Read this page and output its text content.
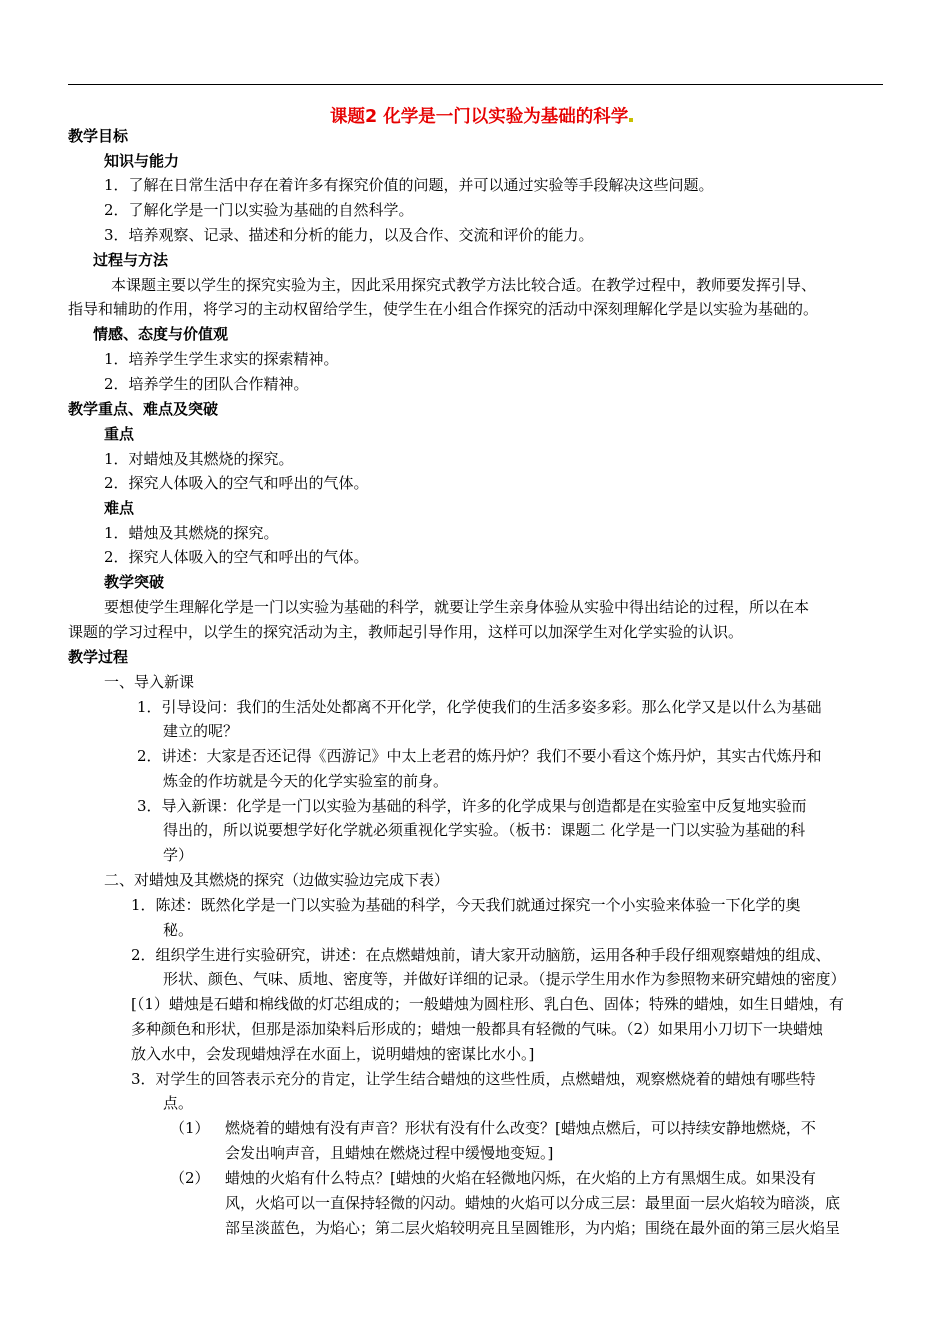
课题2 化学是一门以实验为基础的科学
教学目标
知识与能力
1．了解在日常生活中存在着许多有探究价值的问题，并可以通过实验等手段解决这些问题。
2．了解化学是一门以实验为基础的自然科学。
3．培养观察、记录、描述和分析的能力，以及合作、交流和评价的能力。
过程与方法
本课题主要以学生的探究实验为主，因此采用探究式教学方法比较合适。在教学过程中，教师要发挥引导、
指导和辅助的作用，将学习的主动权留给学生，使学生在小组合作探究的活动中深刻理解化学是以实验为基础的。
情感、态度与价值观
1．培养学生学生求实的探索精神。
2．培养学生的团队合作精神。
教学重点、难点及突破
重点
1．对蜡烛及其燃烧的探究。
2．探究人体吸入的空气和呼出的气体。
难点
1．蜡烛及其燃烧的探究。
2．探究人体吸入的空气和呼出的气体。
教学突破
要想使学生理解化学是一门以实验为基础的科学，就要让学生亲身体验从实验中得出结论的过程，所以在本
课题的学习过程中，以学生的探究活动为主，教师起引导作用，这样可以加深学生对化学实验的认识。
教学过程
一、导入新课
1．引导设问：我们的生活处处都离不开化学，化学使我们的生活多姿多彩。那么化学又是以什么为基础
建立的呢？
2．讲述：大家是否还记得《西游记》中太上老君的炼丹炉？我们不要小看这个炼丹炉，其实古代炼丹和
炼金的作坊就是今天的化学实验室的前身。
3．导入新课：化学是一门以实验为基础的科学，许多的化学成果与创造都是在实验室中反复地实验而
得出的，所以说要想学好化学就必须重视化学实验。（板书：课题二 化学是一门以实验为基础的科
学）
二、对蜡烛及其燃烧的探究（边做实验边完成下表）
1．陈述：既然化学是一门以实验为基础的科学，今天我们就通过探究一个小实验来体验一下化学的奥
秘。
2．组织学生进行实验研究，讲述：在点燃蜡烛前，请大家开动脑筋，运用各种手段仔细观察蜡烛的组成、
形状、颜色、气味、质地、密度等，并做好详细的记录。（提示学生用水作为参照物来研究蜡烛的密度）
[（1）蜡烛是石蜡和棉线做的灯芯组成的；一般蜡烛为圆柱形、乳白色、固体；特殊的蜡烛，如生日蜡烛，有
多种颜色和形状，但那是添加染料后形成的；蜡烛一般都具有轻微的气味。（2）如果用小刀切下一块蜡烛
放入水中，会发现蜡烛浮在水面上，说明蜡烛的密谋比水小。]
3．对学生的回答表示充分的肯定，让学生结合蜡烛的这些性质，点燃蜡烛，观察燃烧着的蜡烛有哪些特
点。
（1） 燃烧着的蜡烛有没有声音？形状有没有什么改变？[蜡烛点燃后，可以持续安静地燃烧，不
会发出响声音，且蜡烛在燃烧过程中缓慢地变短。]
（2） 蜡烛的火焰有什么特点？[蜡烛的火焰在轻微地闪烁，在火焰的上方有黑烟生成。如果没有
风，火焰可以一直保持轻微的闪动。蜡烛的火焰可以分成三层：最里面一层火焰较为暗淡，底
部呈淡蓝色，为焰心；第二层火焰较明亮且呈圆锥形，为内焰；围绕在最外面的第三层火焰呈
